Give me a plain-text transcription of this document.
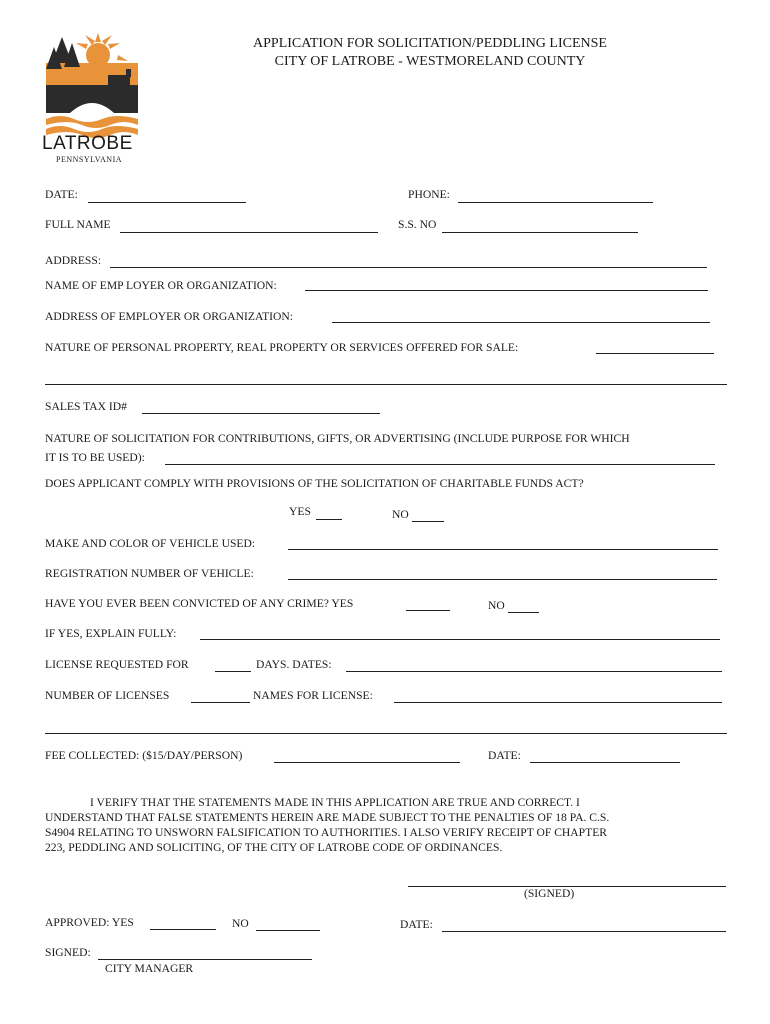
LATROBE
PENNSYLVANIA
APPLICATION FOR SOLICITATION/PEDDLING LICENSE
CITY OF LATROBE - WESTMORELAND COUNTY
DATE:	PHONE:
FULL NAME	S.S. NO
ADDRESS:
NAME OF EMP LOYER OR ORGANIZATION:
ADDRESS OF EMPLOYER OR ORGANIZATION:
NATURE OF PERSONAL PROPERTY, REAL PROPERTY OR SERVICES OFFERED FOR SALE:
SALES TAX ID#
NATURE OF SOLICITATION FOR CONTRIBUTIONS, GIFTS, OR ADVERTISING (INCLUDE PURPOSE FOR WHICH
IT IS TO BE USED):
DOES APPLICANT COMPLY WITH PROVISIONS OF THE SOLICITATION OF CHARITABLE FUNDS ACT?
YES	NO
MAKE AND COLOR OF VEHICLE USED:
REGISTRATION NUMBER OF VEHICLE:
HAVE YOU EVER BEEN CONVICTED OF ANY CRIME? YES	NO
IF YES, EXPLAIN FULLY:
LICENSE REQUESTED FOR	DAYS. DATES:
NUMBER OF LICENSES	NAMES FOR LICENSE:
FEE COLLECTED: ($15/DAY/PERSON)	DATE:
I VERIFY THAT THE STATEMENTS MADE IN THIS APPLICATION ARE TRUE AND CORRECT. I
UNDERSTAND THAT FALSE STATEMENTS HEREIN ARE MADE SUBJECT TO THE PENALTIES OF 18 PA. C.S.
S4904 RELATING TO UNSWORN FALSIFICATION TO AUTHORITIES. I ALSO VERIFY RECEIPT OF CHAPTER
223, PEDDLING AND SOLICITING, OF THE CITY OF LATROBE CODE OF ORDINANCES.
(SIGNED)
APPROVED: YES	NO	DATE:
SIGNED:
CITY MANAGER
